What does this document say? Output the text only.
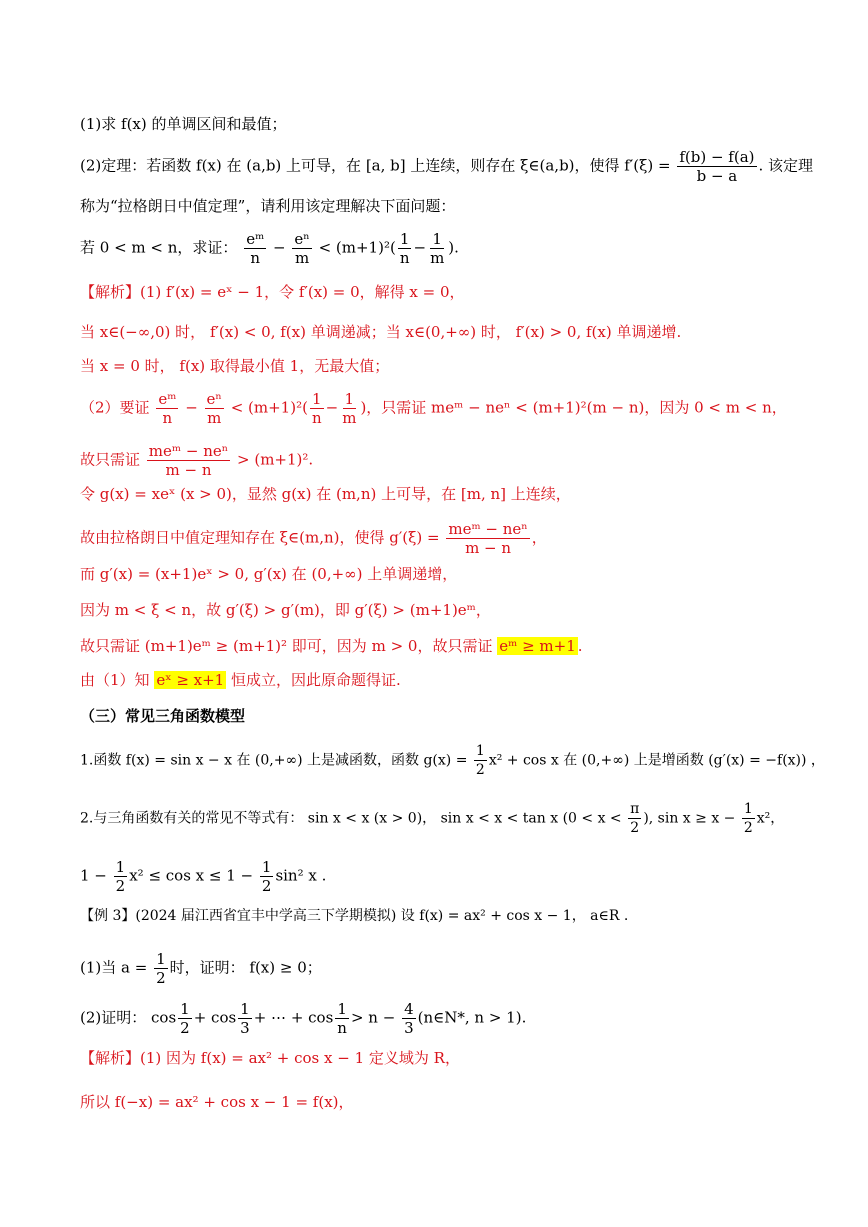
(1)求 f(x) 的单调区间和最值；
(2)定理：若函数 f(x) 在 (a,b) 上可导，在 [a, b] 上连续，则存在 ξ∈(a,b)，使得 $f'(\xi) = \frac{f(b) - f(a)}{b - a}$ . 该定理
称为“拉格朗日中值定理”，请利用该定理解决下面问题：
若 0 < m < n，求证： $\frac{\text{eᵐ}}{n} - \frac{\text{eⁿ}}{m} < (m+1)^2( \frac{1}{n} - \frac{1}{m}$ ).
【解析】(1) f′(x) = eˣ − 1，令 f′(x) = 0，解得 x = 0，
当 x∈(−∞,0) 时， f′(x) < 0, f(x) 单调递减；当 x∈(0,+∞) 时， f′(x) > 0, f(x) 单调递增.
当 x = 0 时， f(x) 取得最小值 1，无最大值；
（2）要证 $\frac{\text{eᵐ}}{n} - \frac{\text{eⁿ}}{m} < (m+1)^2( \frac{1}{n} - \frac{1}{m}$ )，只需证 meᵐ − neⁿ < (m+1)²(m − n)，因为 0 < m < n，
故只需证 $\frac{\text{meᵐ − neⁿ}}{m - n} > (m+1)^2$.
令 g(x) = xeˣ (x > 0)，显然 g(x) 在 (m,n) 上可导，在 [m, n] 上连续，
故由拉格朗日中值定理知存在 ξ∈(m,n)，使得 $g'(\xi) = \frac{\text{meᵐ − neⁿ}}{m - n}$ ，
而 g′(x) = (x+1)eˣ > 0, g′(x) 在 (0,+∞) 上单调递增，
因为 m < ξ < n，故 g′(ξ) > g′(m)，即 g′(ξ) > (m+1)eᵐ，
故只需证 (m+1)eᵐ ≥ (m+1)² 即可，因为 m > 0，故只需证 eᵐ ≥ m+1 .
由（1）知 eˣ ≥ x+1 恒成立，因此原命题得证.
（三）常见三角函数模型
1.函数 f(x) = sin x − x 在 (0,+∞) 上是减函数，函数 $g(x) = \frac{1}{2} x^2 + \cos x$ 在 (0,+∞) 上是增函数 (g′(x) = −f(x)) ，
2.与三角函数有关的常见不等式有： sin x < x (x > 0)， sin x < x < tan x ($0 < x < \frac{\pi}{2}$ ), $\sin x \ge x - \frac{1}{2} x^2$，
$1 - \frac{1}{2} x^2 \le \cos x \le 1 - \frac{1}{2} \sin^2$ x .
【例 3】(2024 届江西省宜丰中学高三下学期模拟) 设 f(x) = ax² + cos x − 1， a∈R .
(1)当 $a = \frac{1}{2}$ 时，证明： f(x) ≥ 0；
(2)证明： $\cos \frac{1}{2} + \cos \frac{1}{3}$ + ⋯ + $\cos \frac{1}{n} > n - \frac{4}{3}$ (n∈N*, n > 1).
【解析】(1) 因为 f(x) = ax² + cos x − 1 定义域为 R，
所以 f(−x) = ax² + cos x − 1 = f(x)，
